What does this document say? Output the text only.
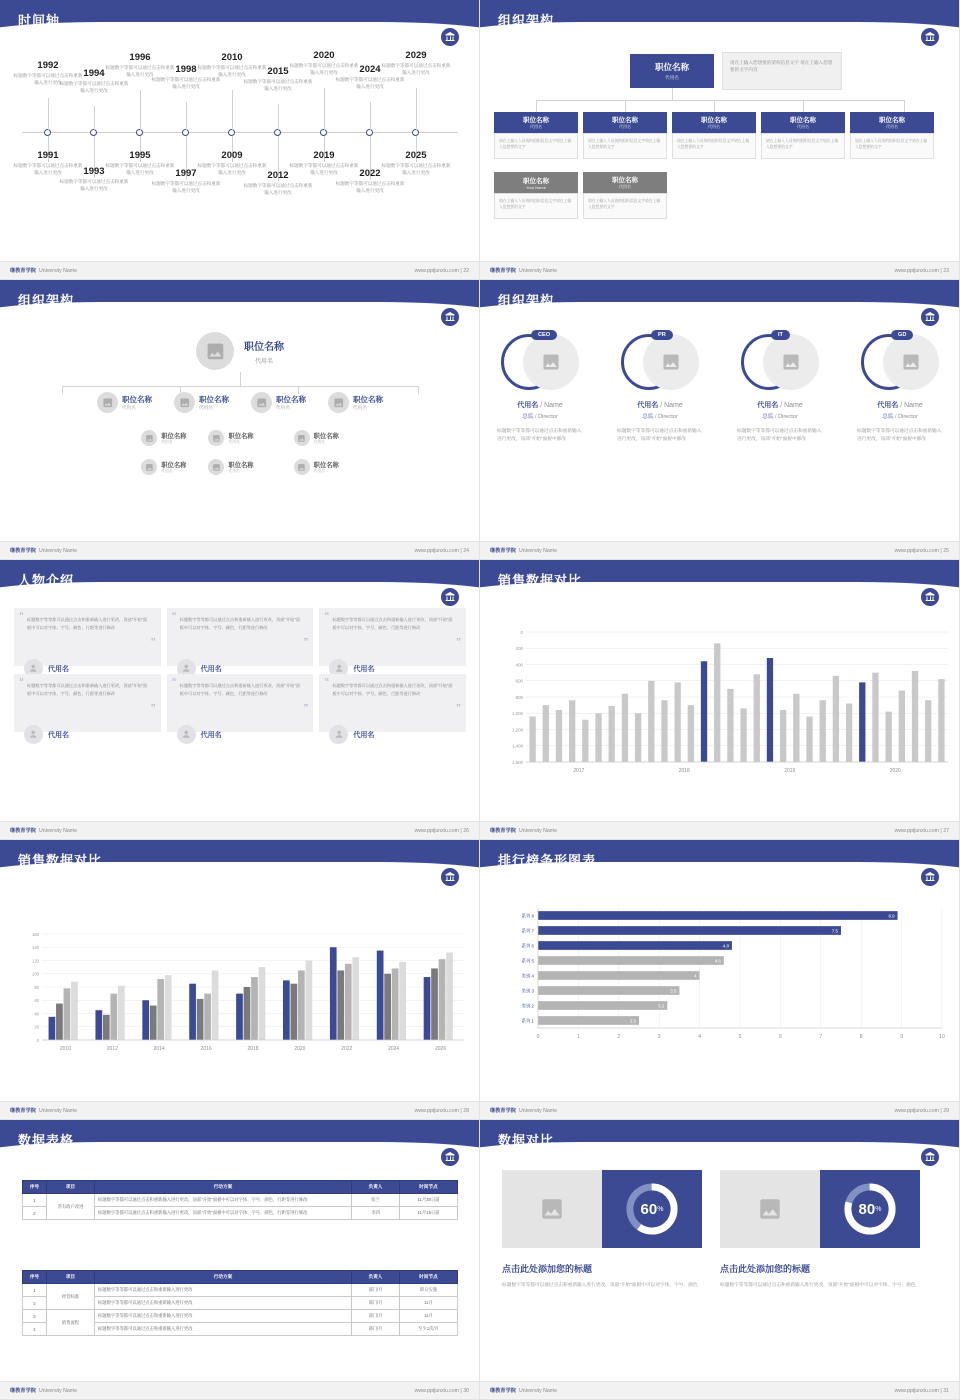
时间轴
1992
标题数字等都可以通过点击和重新输入进行更改
1994
标题数字等都可以通过点击和重新输入进行更改
1996
标题数字等都可以通过点击和重新输入进行更改	1998
标题数字等都可以通过点击和重新输入进行更改
2010
标题数字等都可以通过点击和重新输入进行更改	2015
标题数字等都可以通过点击和重新输入进行更改
2020
标题数字等都可以通过点击和重新输入进行更改	2024
标题数字等都可以通过点击和重新输入进行更改
2029
标题数字等都可以通过点击和重新输入进行更改
1991
标题数字等都可以通过点击和重新输入进行更改	1993
标题数字等都可以通过点击和重新输入进行更改
1995
标题数字等都可以通过点击和重新输入进行更改	1997
标题数字等都可以通过点击和重新输入进行更改
2009
标题数字等都可以通过点击和重新输入进行更改	2012
标题数字等都可以通过点击和重新输入进行更改
2019
标题数字等都可以通过点击和重新输入进行更改	2022
标题数字等都可以通过点击和重新输入进行更改
2025
标题数字等都可以通过点击和重新输入进行更改
继教育学院 University Name	www.pptjunxiu.com | 22
组织架构
职位名称
代用名
请在上输入您想要的架构信息文字 请在上输入您想要的文字内容
职位名称
代用名
请在上输入人员的的组织信息文字请在上输入您想要的文字
职位名称
代用名
请在上输入人员的的组织信息文字请在上输入您想要的文字
职位名称
代用名
请在上输入人员的的组织信息文字请在上输入您想要的文字
职位名称
代用名
请在上输入人员的的组织信息文字请在上输入您想要的文字
职位名称
代用名
请在上输入人员的的组织信息文字请在上输入您想要的文字
职位名称
Your Name
请在上输入人员的的组织信息文字请在上输入您想要的文字
职位名称
代用名
请在上输入人员的的组织信息文字请在上输入您想要的文字
继教育学院 University Name	www.pptjunxiu.com | 23
组织架构
职位名称
代用名
职位名称
代用名
职位名称
代用名
职位名称
代用名
职位名称
代用名
职位名称
代用名
职位名称
代用名
职位名称
代用名
职位名称
代用名
职位名称
代用名
职位名称
代用名
继教育学院 University Name	www.pptjunxiu.com | 24
组织架构
CEO
代用名 / Name
总监 / Director
标题数字等等都可以通过点击和重新输入进行更改，顶部"开始"面板中修改
PR
代用名 / Name
总监 / Director
标题数字等等都可以通过点击和重新输入进行更改，顶部"开始"面板中修改
IT
代用名 / Name
总监 / Director
标题数字等等都可以通过点击和重新输入进行更改，顶部"开始"面板中修改
GD
代用名 / Name
总监 / Director
标题数字等等都可以通过点击和重新输入进行更改，顶部"开始"面板中修改
继教育学院 University Name	www.pptjunxiu.com | 25
人物介绍
“ 标题数字等等都可以通过点击和重新输入进行更改，顶部"开始"面板中可以对字体、字号、颜色、行距等进行修改
”
代用名
“ 标题数字等等都可以通过点击和重新输入进行更改，顶部"开始"面板中可以对字体、字号、颜色、行距等进行修改
”
代用名
“ 标题数字等等都可以通过点击和重新输入进行更改，顶部"开始"面板中可以对字体、字号、颜色、行距等进行修改
”
代用名
“ 标题数字等等都可以通过点击和重新输入进行更改，顶部"开始"面板中可以对字体、字号、颜色、行距等进行修改
”
代用名
“ 标题数字等等都可以通过点击和重新输入进行更改，顶部"开始"面板中可以对字体、字号、颜色、行距等进行修改
”
代用名
“ 标题数字等等都可以通过点击和重新输入进行更改，顶部"开始"面板中可以对字体、字号、颜色、行距等进行修改
”
代用名
继教育学院 University Name	www.pptjunxiu.com | 26
销售数据对比
1,600
1,400
1,200
1,000
800
600
400
200
0
2017	2018	2019	2020
继教育学院 University Name	www.pptjunxiu.com | 27
销售数据对比
0
20
40
60
80
100
120
140
160
2010	2012	2014	2016	2018	2020	2022	2024	2026
继教育学院 University Name	www.pptjunxiu.com | 28
排行榜条形图表
0	1	2	3	4	5	6	7	8	9	10
2.5
系列 1
3.2
类别 2
3.5
类别 3
4
类别 4
4.6
系列 5
4.8
系列 6
7.5
系列 7
8.9
系列 8
继教育学院 University Name	www.pptjunxiu.com | 29
数据表格
序号	项目	行动方案	负责人	时间节点
1	苏有政户改进	标题数字等都可以通过点击和重新输入进行更改，顶部"开始"面板中可以对字体、字号、颜色、行距等进行修改	张兰	11月30日前
2		标题数字等都可以通过点击和重新输入进行更改，顶部"开始"面板中可以对字体、字号、颜色、行距等进行修改	李四	11月15日前
序号	项目	行动方案	负责人	时间节点
1	经营标准	标题数字等等都可以通过点击和重新输入进行更改	部门/月	即日实施
2		标题数字等等都可以通过点击和重新输入进行更改	部门/月	11月
3	销售流程	标题数字等等都可以通过点击和重新输入进行更改	部门/月	11月
4		标题数字等等都可以通过点击和重新输入进行更改	部门/月	至少1次/月
继教育学院 University Name	www.pptjunxiu.com | 30
数据对比
60 %
点击此处添加您的标题
标题数字等等都可以通过点击和重新输入进行更改，顶部"开始"面板中可以对字体、字号、颜色
80 %
点击此处添加您的标题
标题数字等等都可以通过点击和重新输入进行更改，顶部"开始"面板中可以对字体、字号、颜色
继教育学院 University Name	www.pptjunxiu.com | 31
